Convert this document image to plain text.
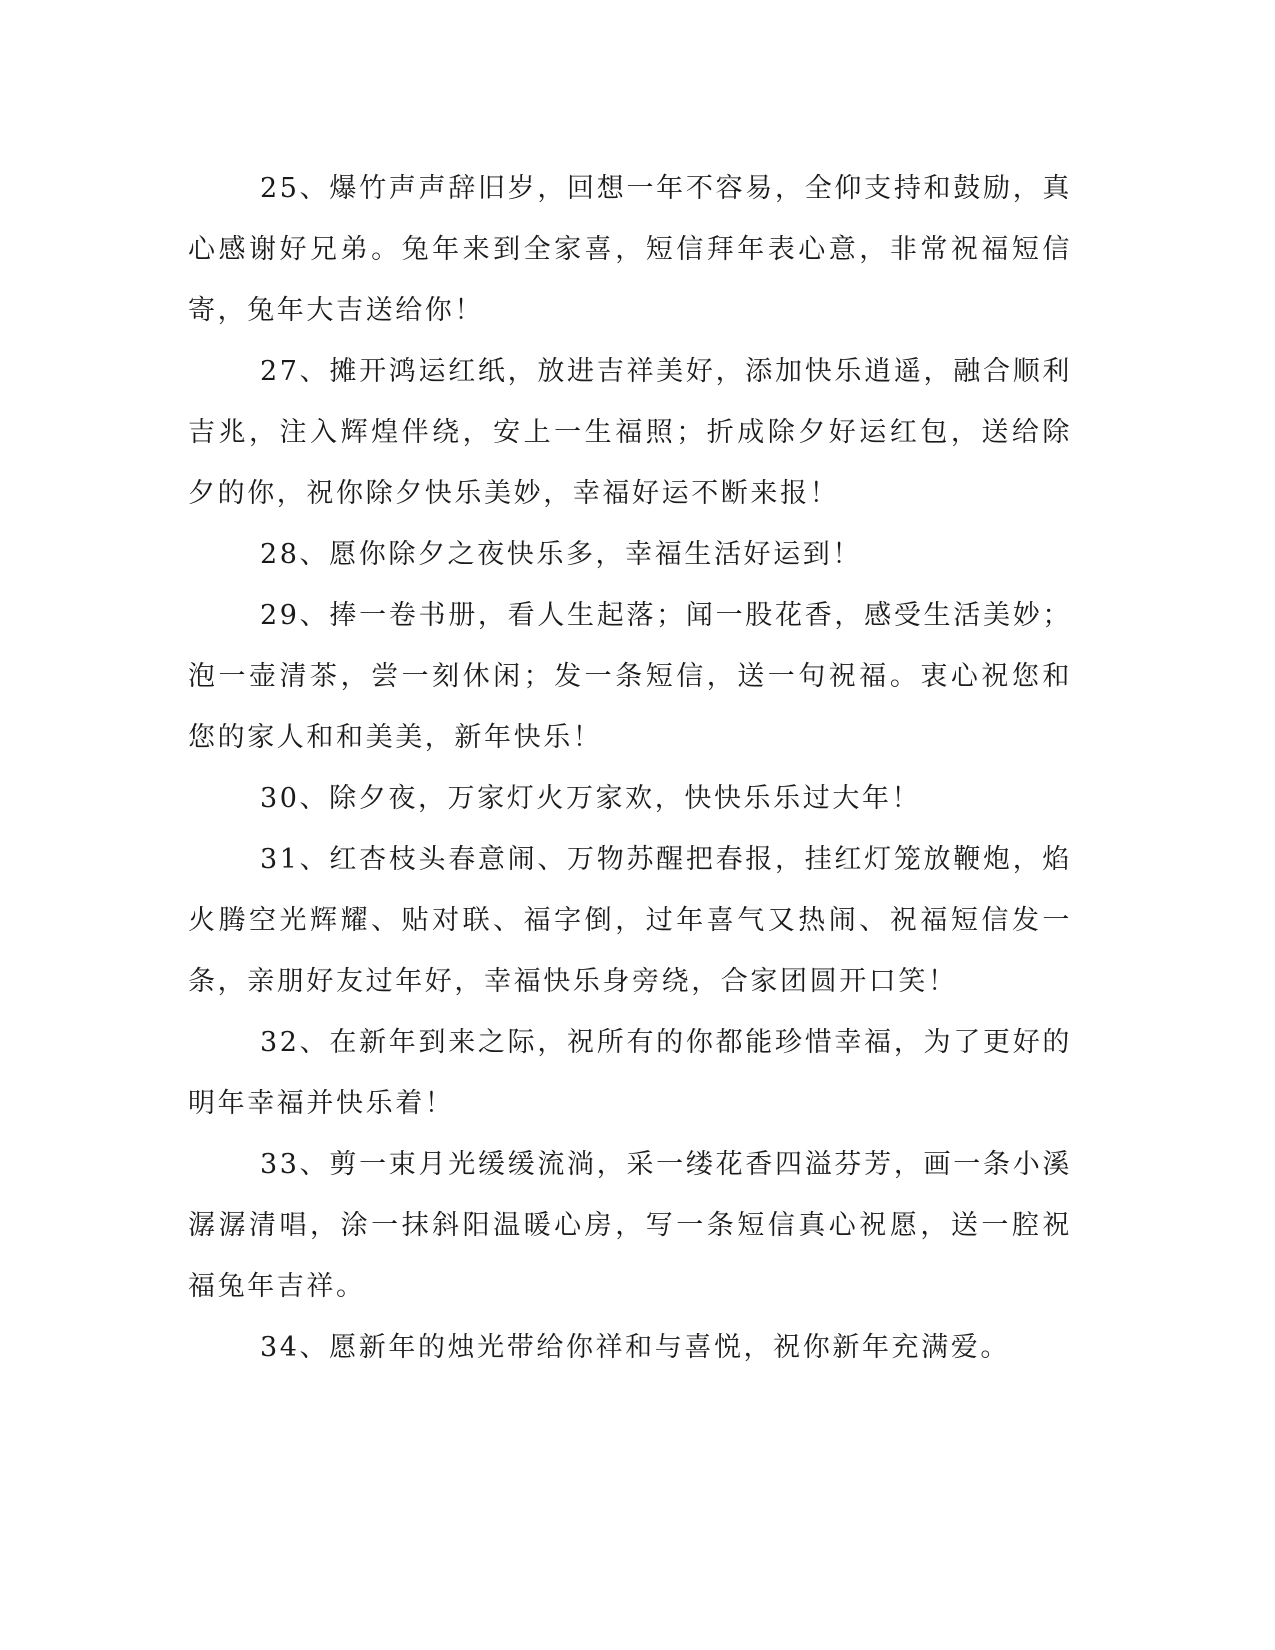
25、爆竹声声辞旧岁，回想一年不容易，全仰支持和鼓励，真心感谢好兄弟。兔年来到全家喜，短信拜年表心意，非常祝福短信寄，兔年大吉送给你！

27、摊开鸿运红纸，放进吉祥美好，添加快乐逍遥，融合顺利吉兆，注入辉煌伴绕，安上一生福照；折成除夕好运红包，送给除夕的你，祝你除夕快乐美妙，幸福好运不断来报！

28、愿你除夕之夜快乐多，幸福生活好运到！

29、捧一卷书册，看人生起落；闻一股花香，感受生活美妙；泡一壶清茶，尝一刻休闲；发一条短信，送一句祝福。衷心祝您和您的家人和和美美，新年快乐！

30、除夕夜，万家灯火万家欢，快快乐乐过大年！

31、红杏枝头春意闹、万物苏醒把春报，挂红灯笼放鞭炮，焰火腾空光辉耀、贴对联、福字倒，过年喜气又热闹、祝福短信发一条，亲朋好友过年好，幸福快乐身旁绕，合家团圆开口笑！

32、在新年到来之际，祝所有的你都能珍惜幸福，为了更好的明年幸福并快乐着！

33、剪一束月光缓缓流淌，采一缕花香四溢芬芳，画一条小溪潺潺清唱，涂一抹斜阳温暖心房，写一条短信真心祝愿，送一腔祝福兔年吉祥。

34、愿新年的烛光带给你祥和与喜悦，祝你新年充满爱。
